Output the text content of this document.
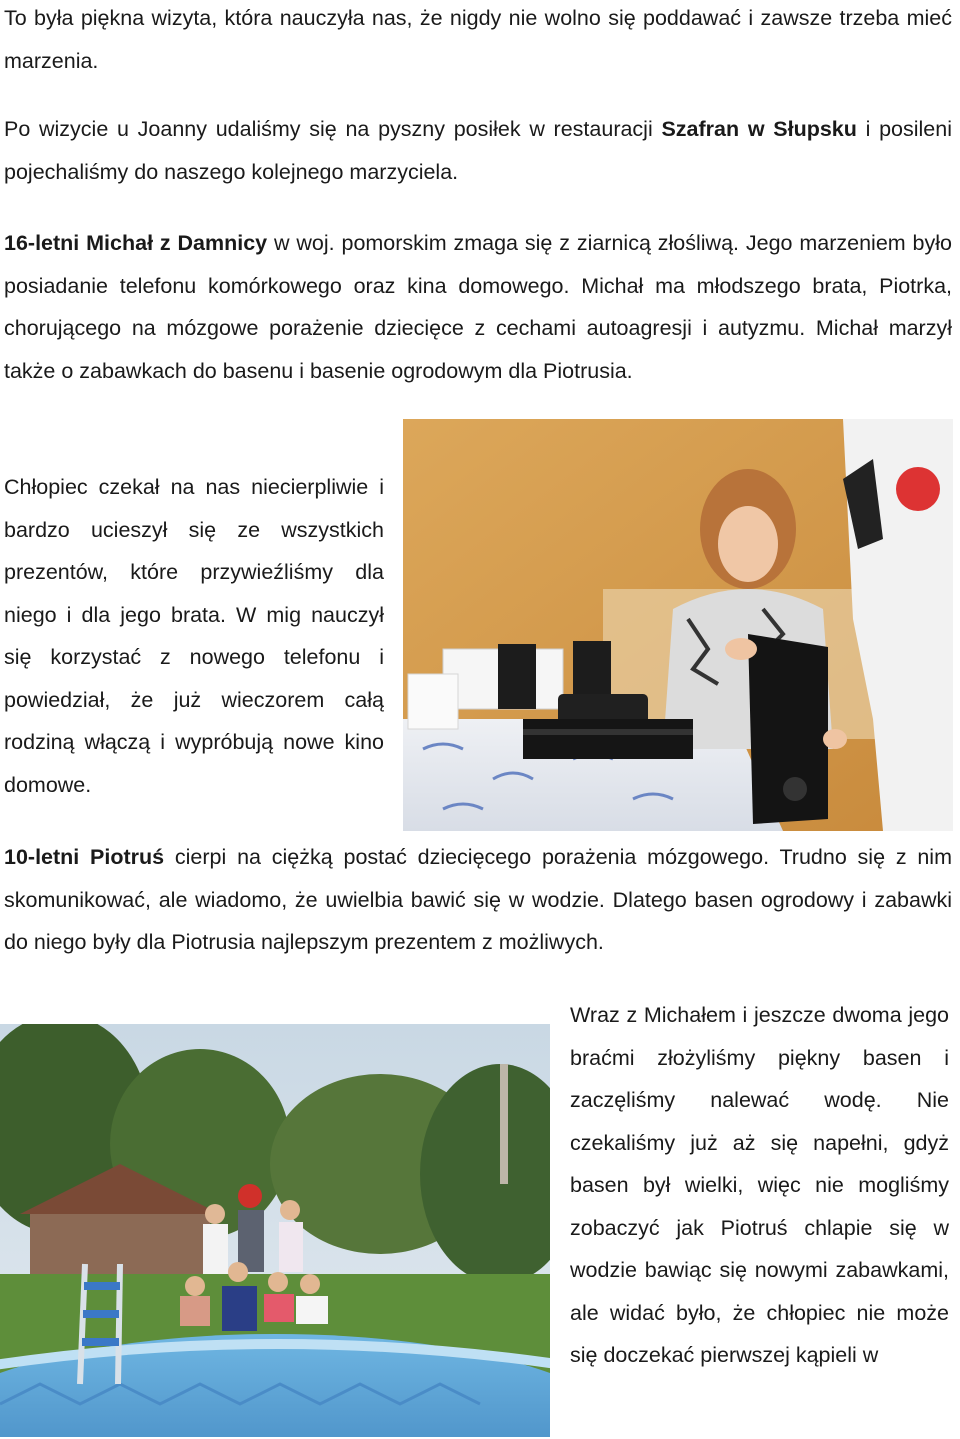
To była piękna wizyta, która nauczyła nas, że nigdy nie wolno się poddawać i zawsze trzeba mieć marzenia.

Po wizycie u Joanny udaliśmy się na pyszny posiłek w restauracji Szafran w Słupsku i posileni pojechaliśmy do naszego kolejnego marzyciela.

16-letni Michał z Damnicy w woj. pomorskim zmaga się z ziarnicą złośliwą. Jego marzeniem było posiadanie telefonu komórkowego oraz kina domowego. Michał ma młodszego brata, Piotrka, chorującego na mózgowe porażenie dziecięce z cechami autoagresji i autyzmu. Michał marzył także o zabawkach do basenu i basenie ogrodowym dla Piotrusia.

Chłopiec czekał na nas niecierpliwie i bardzo ucieszył się ze wszystkich prezentów, które przywieźliśmy dla niego i dla jego brata. W mig nauczył się korzystać z nowego telefonu i powiedział, że już wieczorem całą rodziną włączą i wypróbują nowe kino domowe.

10-letni Piotruś cierpi na ciężką postać dziecięcego porażenia mózgowego. Trudno się z nim skomunikować, ale wiadomo, że uwielbia bawić się w wodzie. Dlatego basen ogrodowy i zabawki do niego były dla Piotrusia najlepszym prezentem z możliwych.

Wraz z Michałem i jeszcze dwoma jego braćmi złożyliśmy piękny basen i zaczęliśmy nalewać wodę. Nie czekaliśmy już aż się napełni, gdyż basen był wielki, więc nie mogliśmy zobaczyć jak Piotruś chlapie się w wodzie bawiąc się nowymi zabawkami, ale widać było, że chłopiec nie może się doczekać pierwszej kąpieli w
